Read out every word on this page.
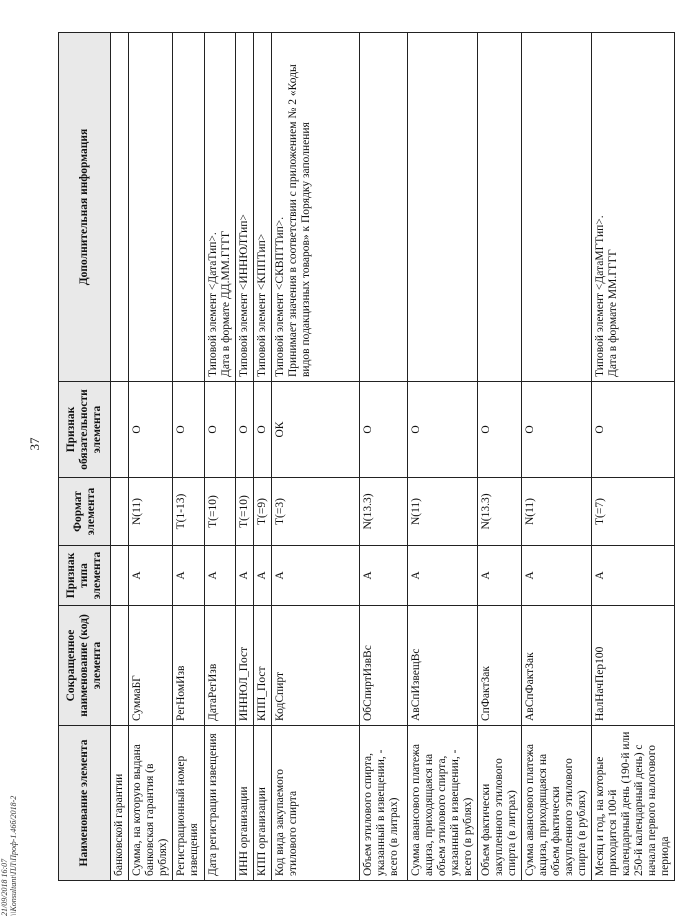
37
Наименование элемента	Сокращенное наименование (код) элемента	Признак типа элемента	Формат элемента	Признак обязательности элемента	Дополнительная информация
банковской гарантии					
Сумма, на которую выдана банковская гарантия (в рублях)	СуммаБГ	А	N(11)	О	
Регистрационный номер извещения	РегНомИзв	А	Т(1-13)	О	
Дата регистрации извещения	ДатаРегИзв	А	Т(=10)	О	Типовой элемент <ДатаТип>.
Дата в формате ДД.ММ.ГГГГ
ИНН организации	ИННЮЛ_Пост	А	Т(=10)	О	Типовой элемент <ИННЮЛТип>
КПП организации	КПП_Пост	А	Т(=9)	О	Типовой элемент <КППТип>
Код вида закупаемого этилового спирта	КодСпирт	А	Т(=3)	ОК	Типовой элемент <СКВПТТип>.
Принимает значения в соответствии с приложением № 2 «Коды видов подакцизных товаров» к Порядку заполнения
Объем этилового спирта, указанный в извещении, - всего (в литрах)	ОбСпиртИзвВс	А	N(13.3)	О	
Сумма авансового платежа акциза, приходящаяся на объем этилового спирта, указанный в извещении, - всего (в рублях)	АвСпИзвещВс	А	N(11)	О	
Объем фактически закупленного этилового спирта (в литрах)	СпФактЗак	А	N(13.3)	О	
Сумма авансового платежа акциза, приходящаяся на объем фактически закупленного этилового спирта (в рублях)	АвСпФактЗак	А	N(11)	О	
Месяц и год, на которые приходится 100-й календарный день (190-й или 250-й календарный день) с начала первого налогового периода	НалНачПер100	А	Т(=7)	О	Типовой элемент <ДатаМГТип>.
Дата в формате ММ.ГГГГ
21/09/2018 16:07
\\Konsultant\ПЛ\Проф-1.46б/2018-2
